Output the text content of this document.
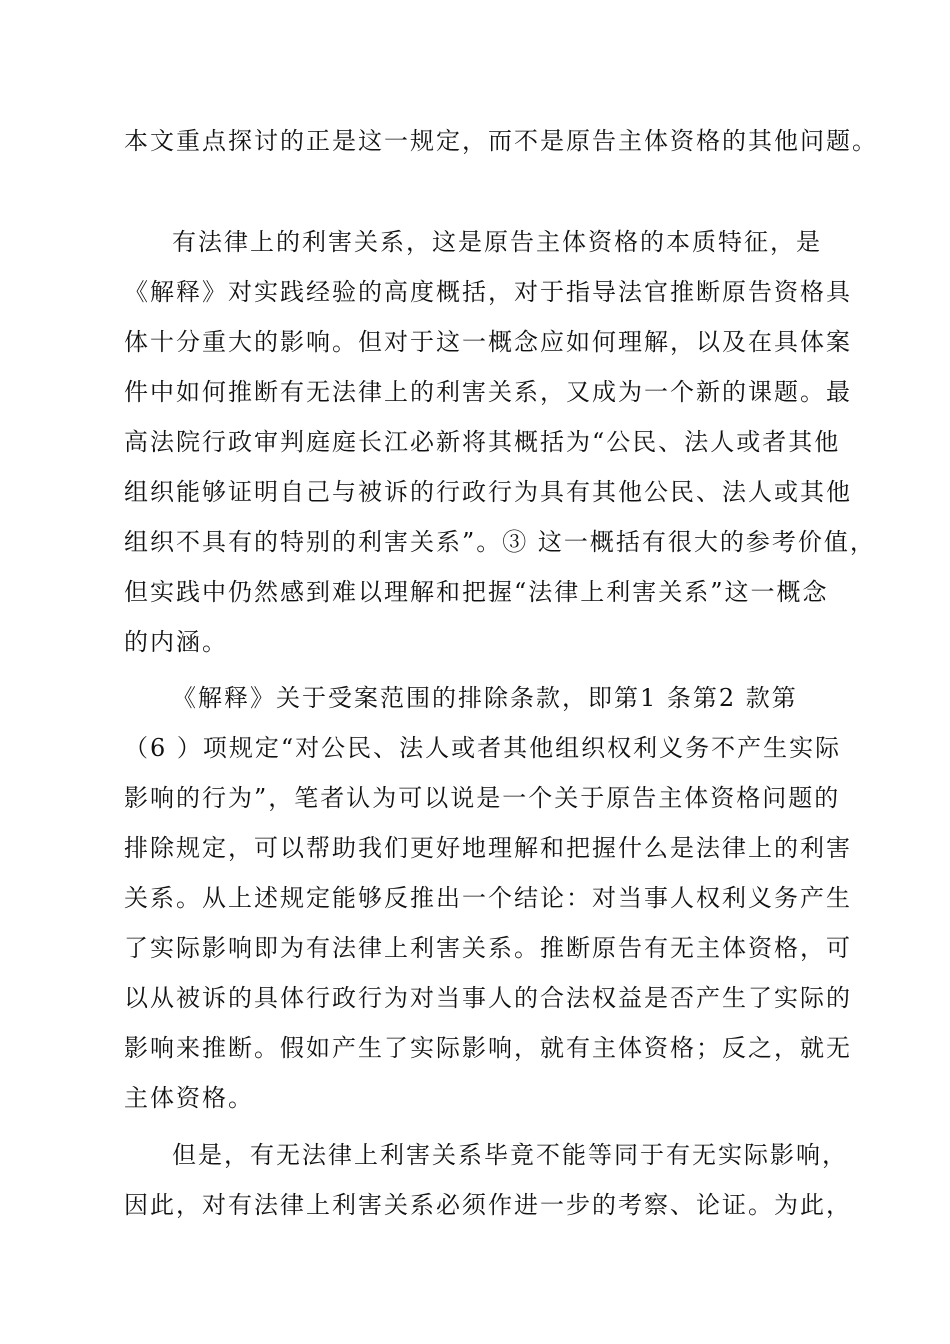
本文重点探讨的正是这一规定，而不是原告主体资格的其他问题。
有法律上的利害关系，这是原告主体资格的本质特征，是
《解释》对实践经验的高度概括，对于指导法官推断原告资格具
体十分重大的影响。但对于这一概念应如何理解，以及在具体案
件中如何推断有无法律上的利害关系，又成为一个新的课题。最
高法院行政审判庭庭长江必新将其概括为“公民、法人或者其他
组织能够证明自己与被诉的行政行为具有其他公民、法人或其他
组织不具有的特别的利害关系”。③ 这一概括有很大的参考价值，
但实践中仍然感到难以理解和把握“法律上利害关系”这一概念
的内涵。
《解释》关于受案范围的排除条款，即第1 条第2 款第
（6 ）项规定“对公民、法人或者其他组织权利义务不产生实际
影响的行为”，笔者认为可以说是一个关于原告主体资格问题的
排除规定，可以帮助我们更好地理解和把握什么是法律上的利害
关系。从上述规定能够反推出一个结论：对当事人权利义务产生
了实际影响即为有法律上利害关系。推断原告有无主体资格，可
以从被诉的具体行政行为对当事人的合法权益是否产生了实际的
影响来推断。假如产生了实际影响，就有主体资格；反之，就无
主体资格。
但是，有无法律上利害关系毕竟不能等同于有无实际影响，
因此，对有法律上利害关系必须作进一步的考察、论证。为此，
